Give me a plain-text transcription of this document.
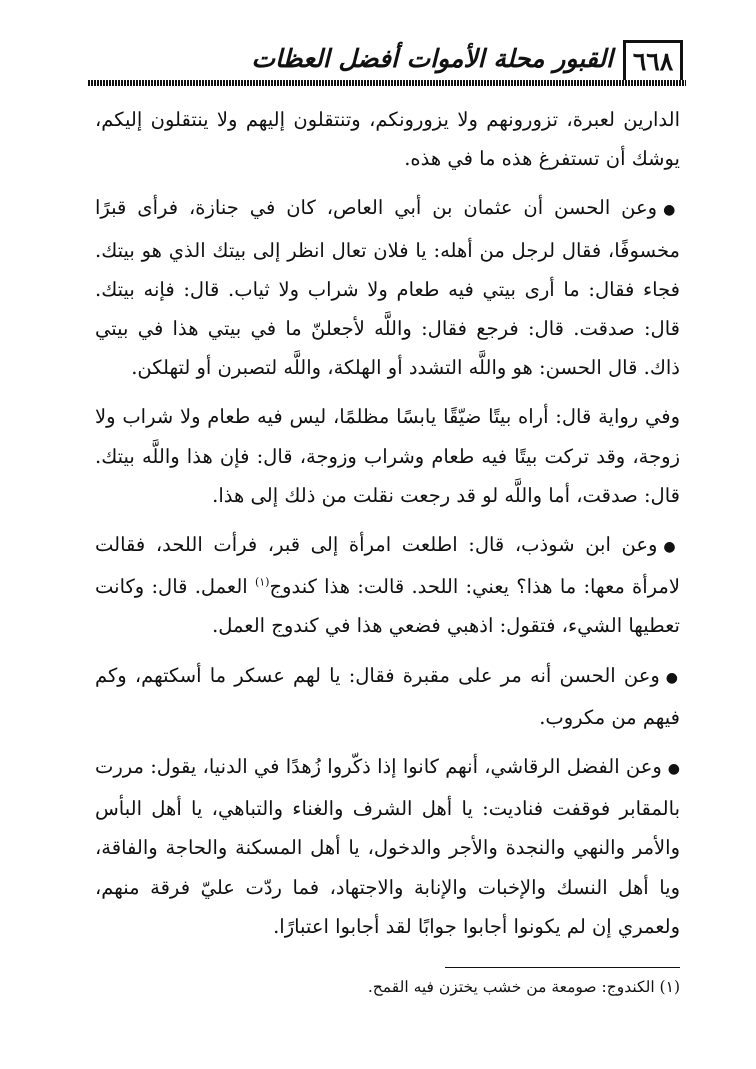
٦٦٨
القبور محلة الأموات أفضل العظات

الدارين لعبرة، تزورونهم ولا يزورونكم، وتنتقلون إليهم ولا ينتقلون إليكم، يوشك أن تستفرغ هذه ما في هذه.

●وعن الحسن أن عثمان بن أبي العاص، كان في جنازة، فرأى قبرًا مخسوفًا، فقال لرجل من أهله: يا فلان تعال انظر إلى بيتك الذي هو بيتك. فجاء فقال: ما أرى بيتي فيه طعام ولا شراب ولا ثياب. قال: فإنه بيتك. قال: صدقت. قال: فرجع فقال: واللَّه لأجعلنّ ما في بيتي هذا في بيتي ذاك. قال الحسن: هو واللَّه التشدد أو الهلكة، واللَّه لتصبرن أو لتهلكن.

وفي رواية قال: أراه بيتًا ضيّقًا يابسًا مظلمًا، ليس فيه طعام ولا شراب ولا زوجة، وقد تركت بيتًا فيه طعام وشراب وزوجة، قال: فإن هذا واللَّه بيتك. قال: صدقت، أما واللَّه لو قد رجعت نقلت من ذلك إلى هذا.

●وعن ابن شوذب، قال: اطلعت امرأة إلى قبر، فرأت اللحد، فقالت لامرأة معها: ما هذا؟ يعني: اللحد. قالت: هذا كندوج$^{(١)}$ العمل. قال: وكانت تعطيها الشيء، فتقول: اذهبي فضعي هذا في كندوج العمل.

●وعن الحسن أنه مر على مقبرة فقال: يا لهم عسكر ما أسكتهم، وكم فيهم من مكروب.

●وعن الفضل الرقاشي، أنهم كانوا إذا ذكّروا زُهدًا في الدنيا، يقول: مررت بالمقابر فوقفت فناديت: يا أهل الشرف والغناء والتباهي، يا أهل البأس والأمر والنهي والنجدة والأجر والدخول، يا أهل المسكنة والحاجة والفاقة، ويا أهل النسك والإخبات والإنابة والاجتهاد، فما ردّت عليّ فرقة منهم، ولعمري إن لم يكونوا أجابوا جوابًا لقد أجابوا اعتبارًا.

(١) الكندوج: صومعة من خشب يختزن فيه القمح.
